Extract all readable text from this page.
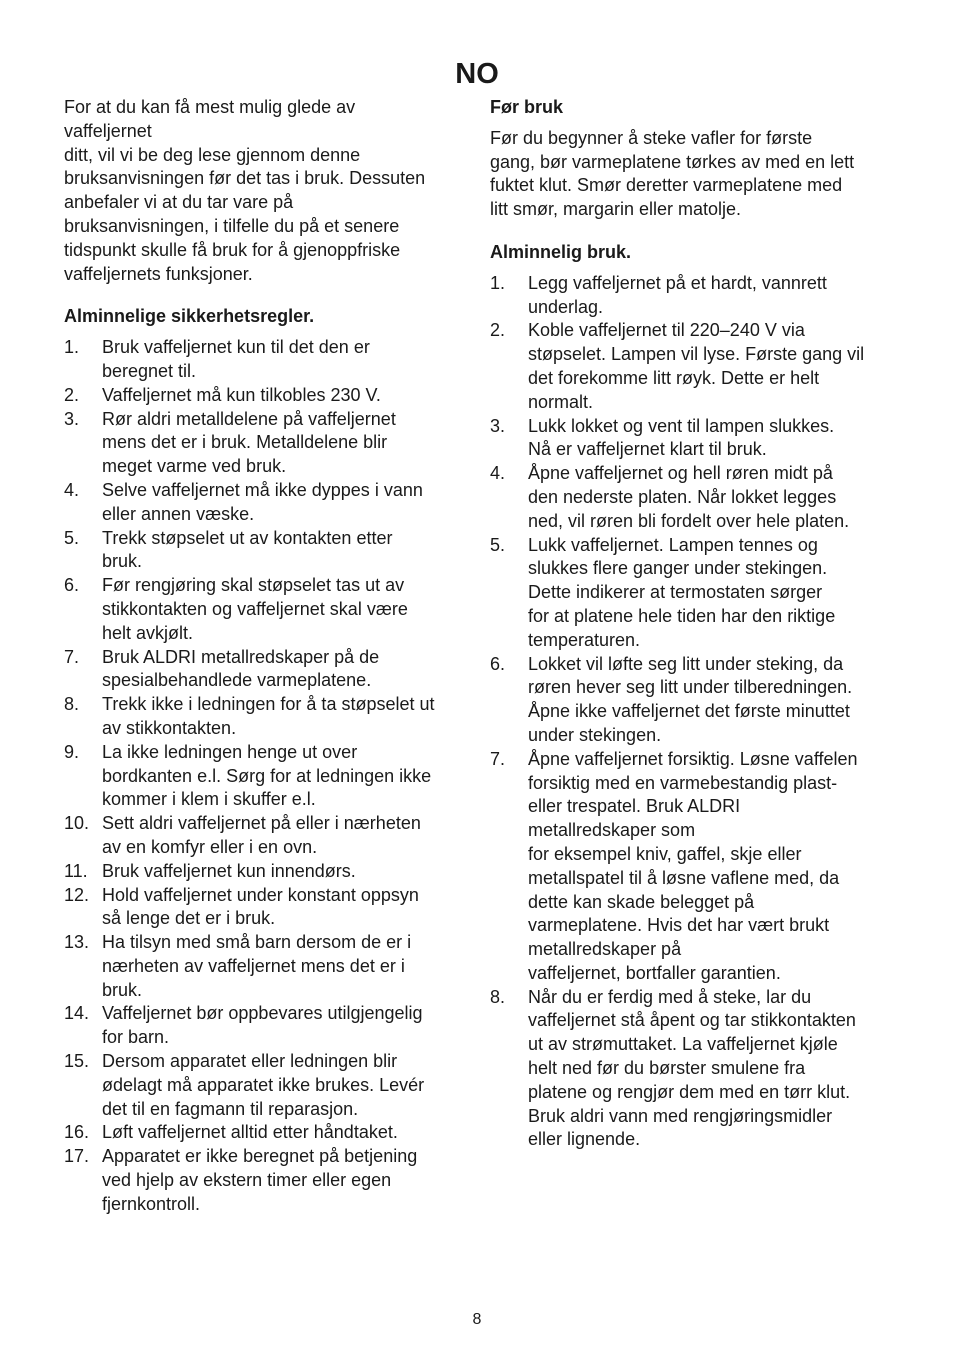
NO
For at du kan få mest mulig glede av
vaffeljernet
ditt, vil vi be deg lese gjennom denne
bruksanvisningen før det tas i bruk. Dessuten
anbefaler vi at du tar vare på
bruksanvisningen, i tilfelle du på et senere
tidspunkt skulle få bruk for å gjenoppfriske
vaffeljernets funksjoner.
Alminnelige sikkerhetsregler.
1.	Bruk vaffeljernet kun til det den er
beregnet til.
2.	Vaffeljernet må kun tilkobles 230 V.
3.	Rør aldri metalldelene på vaffeljernet
mens det er i bruk. Metalldelene blir
meget varme ved bruk.
4.	Selve vaffeljernet må ikke dyppes i vann
eller annen væske.
5.	Trekk støpselet ut av kontakten etter
bruk.
6.	Før rengjøring skal støpselet tas ut av
stikkontakten og vaffeljernet skal være
helt avkjølt.
7.	Bruk ALDRI metallredskaper på de
spesialbehandlede varmeplatene.
8.	Trekk ikke i ledningen for å ta støpselet ut
av stikkontakten.
9.	La ikke ledningen henge ut over
bordkanten e.l. Sørg for at ledningen ikke
kommer i klem i skuffer e.l.
10. Sett aldri vaffeljernet på eller i nærheten
av en komfyr eller i en ovn.
11. Bruk vaffeljernet kun innendørs.
12. Hold vaffeljernet under konstant oppsyn
så lenge det er i bruk.
13. Ha tilsyn med små barn dersom de er i
nærheten av vaffeljernet mens det er i
bruk.
14. Vaffeljernet bør oppbevares utilgjengelig
for barn.
15. Dersom apparatet eller ledningen blir
ødelagt må apparatet ikke brukes. Levér
det til en fagmann til reparasjon.
16. Løft vaffeljernet alltid etter håndtaket.
17. Apparatet er ikke beregnet på betjening
ved hjelp av ekstern timer eller egen
fjernkontroll.
Før bruk
Før du begynner å steke vafler for første
gang, bør varmeplatene tørkes av med en lett
fuktet klut. Smør deretter varmeplatene med
litt smør, margarin eller matolje.
Alminnelig bruk.
1.	Legg vaffeljernet på et hardt, vannrett
underlag.
2.	Koble vaffeljernet til 220–240 V via
støpselet. Lampen vil lyse. Første gang vil
det forekomme litt røyk. Dette er helt
normalt.
3.	Lukk lokket og vent til lampen slukkes.
Nå er vaffeljernet klart til bruk.
4.	Åpne vaffeljernet og hell røren midt på
den nederste platen. Når lokket legges
ned, vil røren bli fordelt over hele platen.
5.	Lukk vaffeljernet. Lampen tennes og
slukkes flere ganger under stekingen.
Dette indikerer at termostaten sørger
for at platene hele tiden har den riktige
temperaturen.
6.	Lokket vil løfte seg litt under steking, da
røren hever seg litt under tilberedningen.
Åpne ikke vaffeljernet det første minuttet
under stekingen.
7.	Åpne vaffeljernet forsiktig. Løsne vaffelen
forsiktig med en varmebestandig plast-
eller trespatel. Bruk ALDRI
metallredskaper som
for eksempel kniv, gaffel, skje eller
metallspatel til å løsne vaflene med, da
dette kan skade belegget på
varmeplatene. Hvis det har vært brukt
metallredskaper på
vaffeljernet, bortfaller garantien.
8.	Når du er ferdig med å steke, lar du
vaffeljernet stå åpent og tar stikkontakten
ut av strømuttaket. La vaffeljernet kjøle
helt ned før du børster smulene fra
platene og rengjør dem med en tørr klut.
Bruk aldri vann med rengjøringsmidler
eller lignende.
8
